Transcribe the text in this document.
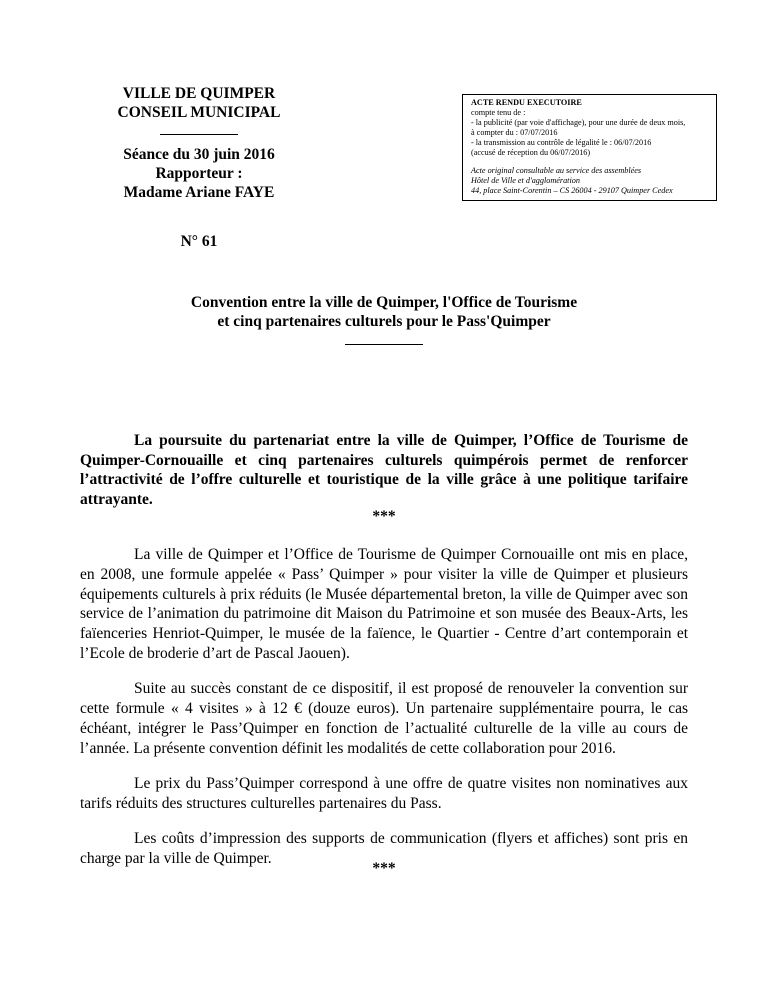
VILLE DE QUIMPER
CONSEIL MUNICIPAL
Séance du 30 juin 2016
Rapporteur :
Madame Ariane FAYE
N° 61
ACTE RENDU EXECUTOIRE
compte tenu de :
- la publicité (par voie d'affichage), pour une durée de deux mois,
à compter du : 07/07/2016
- la transmission au contrôle de légalité le : 06/07/2016
(accusé de réception du 06/07/2016)
Acte original consultable au service des assemblées
Hôtel de Ville et d'agglomération
44, place Saint-Corentin – CS 26004 - 29107 Quimper Cedex
Convention entre la ville de Quimper, l'Office de Tourisme
et cinq partenaires culturels pour le Pass'Quimper
La poursuite du partenariat entre la ville de Quimper, l’Office de Tourisme de Quimper-Cornouaille et cinq partenaires culturels quimpérois permet de renforcer l’attractivité de l’offre culturelle et touristique de la ville grâce à une politique tarifaire attrayante.
***

La ville de Quimper et l’Office de Tourisme de Quimper Cornouaille ont mis en place, en 2008, une formule appelée « Pass’ Quimper » pour visiter la ville de Quimper et plusieurs équipements culturels à prix réduits (le Musée départemental breton, la ville de Quimper avec son service de l’animation du patrimoine dit Maison du Patrimoine et son musée des Beaux-Arts, les faïenceries Henriot-Quimper, le musée de la faïence, le Quartier - Centre d’art contemporain et l’Ecole de broderie d’art de Pascal Jaouen).

Suite au succès constant de ce dispositif, il est proposé de renouveler la convention sur cette formule « 4 visites » à 12 € (douze euros). Un partenaire supplémentaire pourra, le cas échéant, intégrer le Pass’Quimper en fonction de l’actualité culturelle de la ville au cours de l’année. La présente convention définit les modalités de cette collaboration pour 2016.

Le prix du Pass’Quimper correspond à une offre de quatre visites non nominatives aux tarifs réduits des structures culturelles partenaires du Pass.

Les coûts d’impression des supports de communication (flyers et affiches) sont pris en charge par la ville de Quimper.

***
